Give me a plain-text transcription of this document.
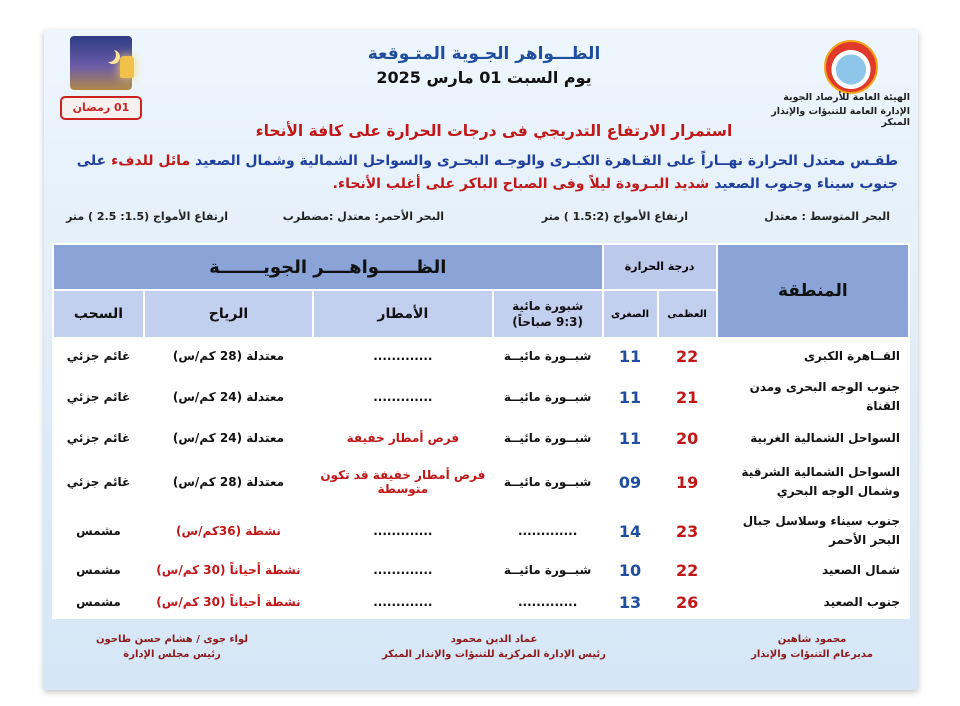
01 رمضان
الظـــواهر الجـوية المتـوقعة
يوم السبت 01 مارس 2025
الهيئة العامة للأرصاد الجوية
الإدارة العامة للتنبؤات والإنذار المبكر
استمرار الارتفاع التدريجي فى درجات الحرارة على كافة الأنحاء
طقـس معتدل الحرارة نهــاراً على القـاهرة الكبـرى والوجـه البحـرى والسواحل الشمالية وشمال الصعيد مائل للدفء على جنوب سيناء وجنوب الصعيد شديد البـرودة ليلاً وفى الصباح الباكر على أغلب الأنحاء.
البحر المتوسط : معتدل
ارتفاع الأمواج (1.5:2 ) متر
البحر الأحمر: معتدل :مضطرب
ارتفاع الأمواج (1.5: 2.5 ) متر
المنطقة	درجة الحرارة		الظــــــواهــــر الجويـــــــة			
	العظمى	الصغرى	شبورة مائية
(9:3 صباحاً)	الأمطار	الرياح	السحب
القــاهرة الكبرى	22	11	شبــورة مائيــة	.............	معتدلة (28 كم/س)	غائم جزئي
جنوب الوجه البحرى ومدن القناة	21	11	شبــورة مائيــة	.............	معتدلة (24 كم/س)	غائم جزئي
السواحل الشمالية الغربية	20	11	شبــورة مائيــة	فرص أمطار خفيفة	معتدلة (24 كم/س)	غائم جزئي
السواحل الشمالية الشرقية وشمال الوجه البحري	19	09	شبــورة مائيــة	فرص أمطار خفيفة قد تكون متوسطة	معتدلة (28 كم/س)	غائم جزئي
جنوب سيناء وسلاسل جبال البحر الأحمر	23	14	.............	.............	نشطة (36كم/س)	مشمس
شمال الصعيد	22	10	شبــورة مائيــة	.............	نشطة أحياناً (30 كم/س)	مشمس
جنوب الصعيد	26	13	.............	.............	نشطة أحياناً (30 كم/س)	مشمس
محمود شاهين
مديرعام التنبؤات والإنذار
عماد الدين محمود
رئيس الإدارة المركزية للتنبؤات والإنذار المبكر
لواء جوى / هشام حسن طاحون
رئيس مجلس الإدارة
